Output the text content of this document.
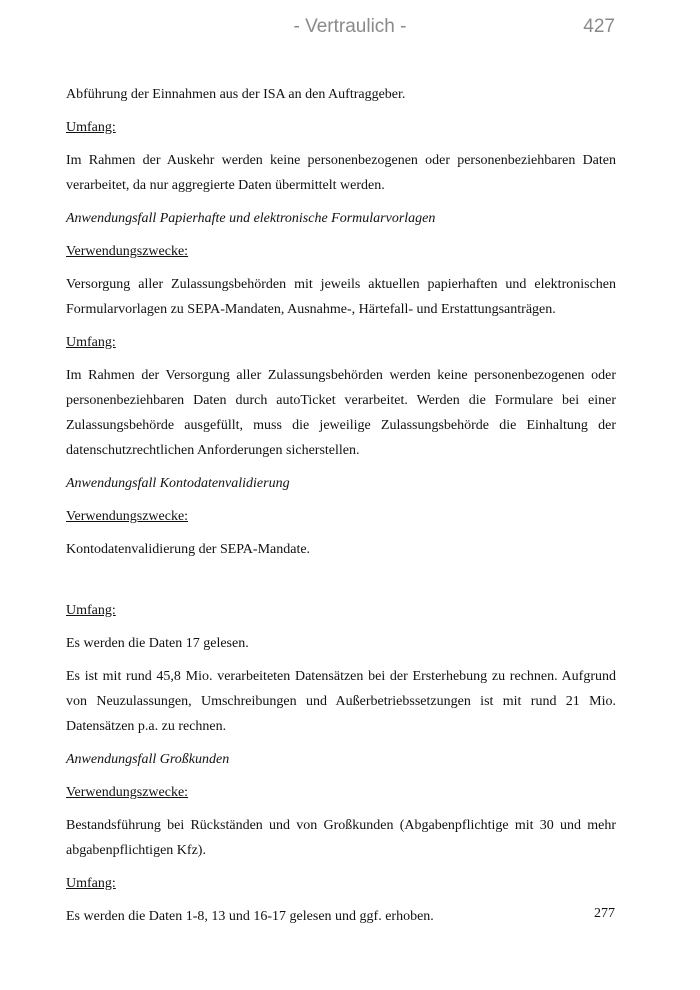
- Vertraulich -	427

Abführung der Einnahmen aus der ISA an den Auftraggeber.

Umfang:

Im Rahmen der Auskehr werden keine personenbezogenen oder personenbeziehbaren Daten verarbeitet, da nur aggregierte Daten übermittelt werden.

Anwendungsfall Papierhafte und elektronische Formularvorlagen

Verwendungszwecke:

Versorgung aller Zulassungsbehörden mit jeweils aktuellen papierhaften und elektronischen Formularvorlagen zu SEPA-Mandaten, Ausnahme-, Härtefall- und Erstattungsanträgen.

Umfang:

Im Rahmen der Versorgung aller Zulassungsbehörden werden keine personenbezogenen oder personenbeziehbaren Daten durch autoTicket verarbeitet. Werden die Formulare bei einer Zulassungsbehörde ausgefüllt, muss die jeweilige Zulassungsbehörde die Einhaltung der datenschutzrechtlichen Anforderungen sicherstellen.

Anwendungsfall Kontodatenvalidierung

Verwendungszwecke:

Kontodatenvalidierung der SEPA-Mandate.

Umfang:

Es werden die Daten 17 gelesen.

Es ist mit rund 45,8 Mio. verarbeiteten Datensätzen bei der Ersterhebung zu rechnen. Aufgrund von Neuzulassungen, Umschreibungen und Außerbetriebssetzungen ist mit rund 21 Mio. Datensätzen p.a. zu rechnen.

Anwendungsfall Großkunden

Verwendungszwecke:

Bestandsführung bei Rückständen und von Großkunden (Abgabenpflichtige mit 30 und mehr abgabenpflichtigen Kfz).

Umfang:

Es werden die Daten 1-8, 13 und 16-17 gelesen und ggf. erhoben.	277
